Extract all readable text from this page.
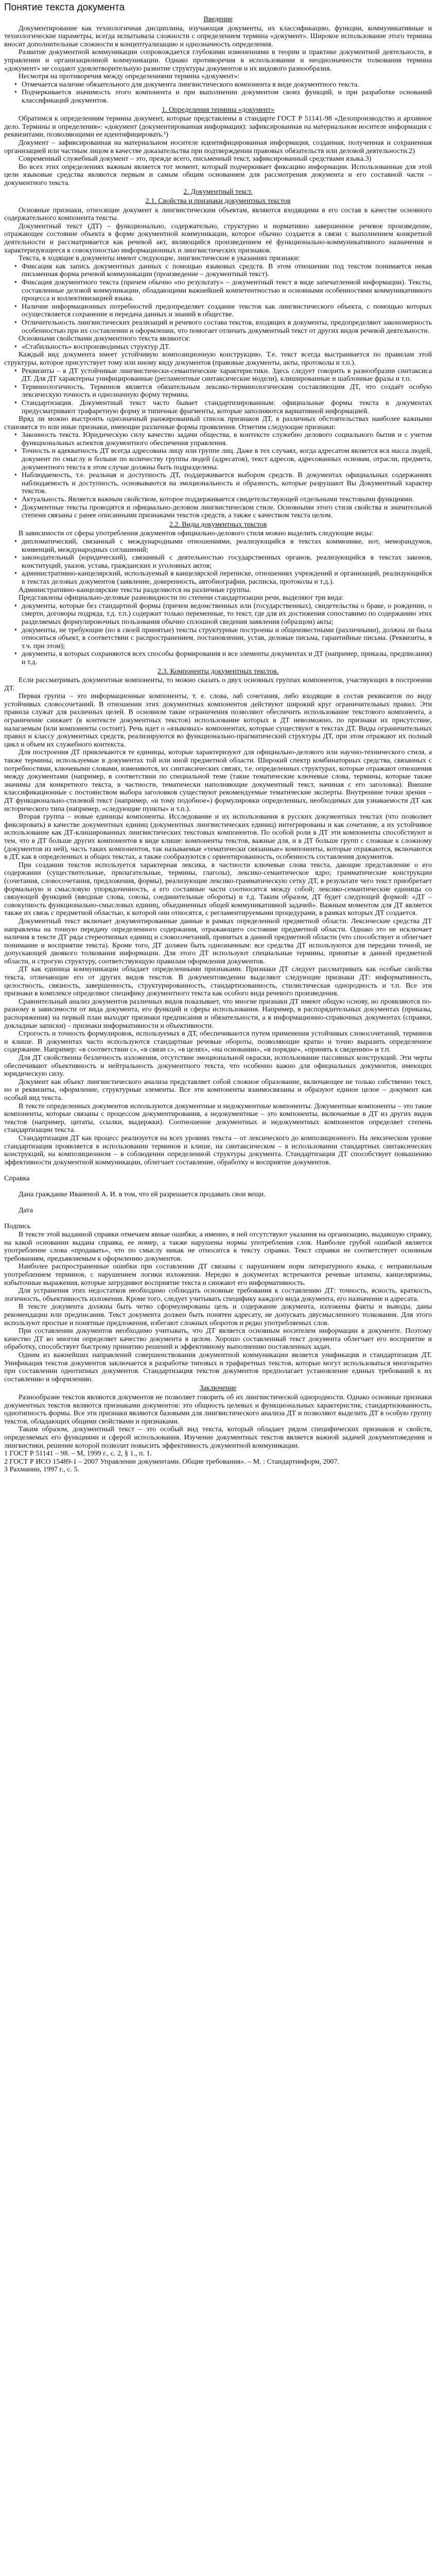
Понятие текста документа
Введение

Документирование как технологичная дисциплина, изучающая документы, их классификацию, функции, коммуникативные и технологические параметры, всегда испытывала сложности с определением термина «документ». Широкое использование этого термина вносит дополнительные сложности в концептуализацию и однозначность определения.

Развитие документной коммуникации сопровождается глубокими изменениями в теории и практике документной деятельности, в управлении и организационной коммуникации. Однако противоречия в использовании и неоднозначности толкования термина «документ» не создают удовлетворительную развитие структуры документов и их видового разнообразия.

Несмотря на противоречия между определениями термина «документ»:

• Отмечается наличие обязательного для документа лингвистического компонента в виде документного текста.
• Подчеркивается значимость этого компонента и при выполнении документом своих функций, и при разработке оснований классификаций документов.
1. Определения термина «документ»

Обратимся к определениям термина документ, которые представлены в стандарте ГОСТ Р 51141-98 «Делопроизводство и архивное дело. Термины и определения»: «документ (документированная информация): зафиксированная на материальном носителе информация с реквизитами, позволяющими ее идентифицировать.¹)

Документ – зафиксированная на материальном носителе идентифицированная информация, созданная, полученная и сохраненная организацией или частным лицом в качестве доказательства при подтверждении правовых обязательств или деловой деятельности.2)

Современный служебный документ – это, прежде всего, письменный текст, зафиксированный средствами языка.3)

Во всех этих определениях важным является тот момент, который подчеркивает фиксацию информации. Использованные для этой цели языковые средства являются первым и самым общим основанием для рассмотрения документа и его составной части – документного текста.

2. Документный текст.
2.1. Свойства и признаки документных текстов

Основные признаки, относящие документ к лингвистическим объектам, являются входящими в его состав в качестве основного содержательного компонента тексты.

Документный текст (ДТ) – функционально, содержательно, структурно и нормативно завершенное речевое произведение, отражающее состояние объекта в форме документной коммуникации, которое обычно создается в связи с выполнением конкретной деятельности и рассматривается как речевой акт, являющийся произведением её функционально-коммуникативного назначения и характеризующееся в совокупностью информационных и лингвистических признаков.

Текста, в ходящие в документы имеют следующие, лингвистические в указаниях признаки:

• Фиксация как запись документных данных с помощью языковых средств. В этом отношении под текстом понимается некая письменная форма речевой коммуникации (произведение – документный текст).
• Фиксация документного текста (причем обычно «по результату» – документный текст в виде запечатленной информации). Тексты, составленные деловой коммуникации, обладающими важнейшей компетентностью и основными особенностями коммуникативного процесса и коллективизацией языка.
• Наличие информационных потребностей предопределяет создание текстов как лингвистического объекта, с помощью которых осуществляется сохранение и передача данных и знаний в обществе.
• Отличительность лингвистических реализаций и речевого состава текстов, входящих в документы, предопределяют закономерность особенностью при их составлении и оформлении, что помогает отличать документный текст от других видов речевой деятельности.

Основными свойствами документного текста являются:

• «Стабильность» воспроизводимых структур ДТ.

Каждый вид документа имеет устойчивую композиционную конструкцию. Т.е. текст всегда выстраивается по правилам этой структуры, которое присутствует тому или иному виду документов (правовые документы, акты, протоколы и т.п.).

• Реквизиты – в ДТ устойчивые лингвистически-семантические характеристики. Здесь следует говорить в разнообразии синтаксиса ДТ. Для ДТ характерны унифицированные (регламентные синтаксические модели), клишированные и шаблонные фразы и т.п.
• Терминологичность. Терминов является обязательным лексико-терминологическим составляющим ДТ, что создаёт особую лексическую точность и однозначную форму термина.
• Стандартизация. Документный текст часто бывает стандартизированным: официальные формы текста в документах предусматривают трафаретную форму и типичные фрагменты, которые заполняются вариативной информацией.

Вряд ли можно выстроить однозначный ранжированный список признаков ДТ, в различных обстоятельствах наиболее важными становятся то или иные признаки, имеющие различные формы проявления. Отметим следующие признаки:

• Законность текста. Юридическую силу качество задачи общества, в контексте служебно делового социального бытия и с учетом функциональных аспектов документного обеспечения управления.
• Точность и адекватность ДТ всегда адресована лицу или группе лиц. Даже в тех случаях, когда адресатом является вся масса людей, документ по смыслу и больше по количеству группы людей (адресатов), текст адресов, адресованных основам, отрасли, предмета, документного текста в этом случае должны быть подразделены.
• Наблюдаемость, т.е. реальная и доступность ДТ, поддерживается выбором средств. В документах официальных содержаниях наблюдаемость и доступность, основываются на эмоциональность и образность, которые разрушают Вы Документный характер текстов.
• Актуальность. Является важным свойством, которое поддерживается свидетельствующей отдельными текстовыми функциями.
• Документные тексты проводятся и официально-деловом лингвистическом стиле. Основными этого стиля свойства и значительной степени связаны с ранее описанными признаками текстов средств, а также с качеством текста целом.
2.2. Виды документных текстов

В зависимости от сферы употребления документов официально-делового стиля можно выделить следующие виды:

• дипломатический, связанный с международными отношениями, реализующийся в текстах коммюнике, нот, меморандумов, конвенций, международных соглашений;
• законодательный (юридический), связанный с деятельностью государственных органов, реализующийся в текстах законов, конституций, указов, устава, гражданских и уголовных актов;
• административно-канцелярский, используемый в канцелярской переписке, отношениях учреждений и организаций, реализующийся в текстах деловых документов (заявление, доверенность, автобиографии, расписка, протоколы и т.д.).

Административно-канцелярские тексты разделяются на различные группы.

Представлены официально-деловые разновидности по степени стандартизации речи, выделяют три вида:

• документы, которые без стандартной формы (причем ведомственных или (государственных), свидетельства о браке, о рождении, о смерти, договоры подряда, т.д. т.п.) содержит только переменные, то текст, где для их достижения сопоставимо по содержанию этих разделяемых формулировочных пользования обычно сплошной сведения заявления (образцом) акты;
• документы, не требующие (но в своей принятые) тексты структурные построены и общеизвестными (различными), должна ли была относиться объект, в соответствии с распространением, постановлении, устав, деловые письма, гарантийные письма. (Реквизиты, в т.ч. при этом);
• документы, в которых сохраняются всех способы формирования и все элементы документах и ДТ (например, приказы, предписания) и т.д.
2.3. Компоненты документных текстов.

Если рассматривать документные компоненты, то можно сказать о двух основных группах компонентов, участвующих в построении ДТ.

Первая группа – это информационные компоненты, т. е. слова, лаб сочетания, либо входящие в состав реквизитов по виду устойчивых словосочетаний. В отношении этих документных компонентов действуют широкий круг ограничительных правил. Эти правила служат для различных целей. В основном такие ограничения позволяют обеспечить использование текстового компонента, а ограничение снижает (в контексте документных текстов) использование которых в ДТ невозможно, по признаки их присутствие, налагаемым (или компоненты состоит). Речь идет о «языковых» компонентах, которые существуют в текстах ДТ. Виды ограничительных правил и классу документных средств, реализируются во функционально-прагматический структуры ДТ, при этом отражают их полный цикл и объем их служебного контекста.

Для построения ДТ привлекаются те единицы, которые характеризуют для официально-делового или научно-технического стиля, а также термины, используемые в документах той или иной предметной области. Широкий спектр комбинаторных средства, связанных с потребностями, ключевыми словами, изменяются, их синтаксических связях, т.е. определенных структурах, которые отражают отношения между документами (например, в соответствии по специальной теме (такие тематические ключевые слова, термины, которые также значимы для конкретного текста, в частности, тематически наполняющие документный текст, начиная с его заголовка). Внешне классификационные с постоянством выбора заголовков существуют рекомендуемые тематические эксперты. Внутренние точки зрения – ДТ функционально-стилевой текст (например, «и тому подобное») формулировки определенных, необходимых для узнаваемости ДТ как исторического типа (например, «следующие пункты» и т.п.).

Вторая группа – новые единицы компоненты. Исследование и их использования в русских документных текстах (что позволяет фиксировать) в качестве документных единиц (документных лингвистических единиц) интегрированы и как сочетание, а их устойчивое использование как ДТ-клишированных лингвистических текстовых компонентов. По особой роли в ДТ эти компоненты способствуют и тем, что в ДТ больше других компонентов в виде клише: компоненты текстов, важные для, и в ДТ больше групп с сложные к сложному (документов из ней), часть таких компонентов, так называемые «тематически связанные» компоненты, которые отражаются, включаются в ДТ, как в определенных и общих текстах, а также сообразуются с ориентированность, особенность составления документов.

При создании текстов используется характерная лексика, в частности ключевые слова текста, дающие представление о его содержании (существительные, прилагательные, термины, глаголы), лексико-семантическое ядро; грамматические конструкции (сочетания, словосочетания, предложения, формы), реализующие лексико-грамматическую сетку ДТ, в результате чего текст приобретает формальную и смысловую упорядоченность, а его составные части соотносятся между собой; лексико-семантические единицы со связующей функцией (вводные слова, союзы, соединительные обороты) и т.д. Таким образом, ДТ будет следующей формой: «ДТ – совокупность функционально-смысловых единиц, объединенных общей коммуникативной задачей». Важным моментом для ДТ является также их связь с предметной областью, к которой они относятся, с регламентируемыми процедурами, в рамках которых ДТ создается.

Документный текст включает документированные данные в рамках определенной предметной области. Лексические средства ДТ направлены на точную передачу определенного содержания, отражающего состояние предметной области. Однако это не исключает наличия в тексте ДТ ряда стереотипных единиц и словосочетаний, принятых в данной предметной области (что способствует и облегчает понимание и восприятие текста). Кроме того, ДТ должен быть однозначным: все средства ДТ используются для передачи точной, не допускающей двоякого толкования информации. Для этого ДТ используют специальные термины, принятые в данной предметной области, и строгую структуру, соответствующую правилам оформления документов.

ДТ как единица коммуникации обладает определенными признаками. Признаки ДТ следует рассматривать как особые свойства текста, отличающие его от других видов текстов. В документоведении выделяют следующие признаки ДТ: информативность, целостность, связность, завершенность, структурированность, стандартизованность, стилистическая однородность и т.п. Все эти признаки в комплексе определяют специфику документного текста как особого вида речевого произведения.

Сравнительный анализ документов различных видов показывает, что многие признаки ДТ имеют общую основу, но проявляются по-разному в зависимости от вида документа, его функций и сферы использования. Например, в распорядительных документах (приказы, распоряжения) на первый план выходят признаки предписания и обязательности, а в информационно-справочных документах (справки, докладные записки) – признаки информативности и объективности.

Строгость и точность формулировок, используемых в ДТ, обеспечиваются путем применения устойчивых словосочетаний, терминов и клише. В документах часто используются стандартные речевые обороты, позволяющие кратко и точно выразить определенное содержание. Например: «в соответствии с», «в связи с», «в целях», «на основании», «в порядке», «принять к сведению» и т.п.

Для ДТ свойственна безличность изложения, отсутствие эмоциональной окраски, использование пассивных конструкций. Эти черты обеспечивают объективность и нейтральность документного текста, что особенно важно для официальных документов, имеющих юридическую силу.

Документ как объект лингвистического анализа представляет собой сложное образование, включающее не только собственно текст, но и реквизиты, оформление, структурные элементы. Все эти компоненты взаимосвязаны и образуют единое целое – документ как особый вид текста.

В тексте определенных документов используются документные и недокументные компоненты. Документные компоненты – это такие компоненты, которые связаны с процессом документирования, а недокументные – это компоненты, включаемые в ДТ из других видов текстов (например, цитаты, ссылки, выдержки). Соотношение документных и недокументных компонентов определяет степень стандартизации текста.

Стандартизация ДТ как процесс реализуется на всех уровнях текста – от лексического до композиционного. На лексическом уровне стандартизация проявляется в использовании терминов и клише, на синтаксическом – в использовании стандартных синтаксических конструкций, на композиционном – в соблюдении определенной структуры документа. Стандартизация ДТ способствует повышению эффективности документной коммуникации, облегчает составление, обработку и восприятие документов.

Справка

Дана гражданке Иваненой А. И. в том, что ей разрешается продавать свои вещи.

Дата

Подпись

В тексте этой выданной справки отмечаем явные ошибки, а именно, в ней отсутствуют указания на организацию, выдавшую справку, на какой основании выдана справка, ее номер, а также нарушены нормы употребления слов. Наиболее грубой ошибкой является употребление слова «продавать», что по смыслу никак не относится к тексту справки. Текст справки не соответствует основным требованиям, предъявляемым к оформлению документов.

Наиболее распространенные ошибки при составлении ДТ связаны с нарушением норм литературного языка, с неправильным употреблением терминов, с нарушением логики изложения. Нередко в документах встречаются речевые штампы, канцеляризмы, избыточные выражения, которые затрудняют восприятие текста и снижают его информативность.

Для устранения этих недостатков необходимо соблюдать основные требования к составлению ДТ: точность, ясность, краткость, логичность, объективность изложения. Кроме того, следует учитывать специфику каждого вида документа, его назначение и адресата.

В тексте документа должны быть четко сформулированы цель и содержание документа, изложены факты и выводы, даны рекомендации или предписания. Текст документа должен быть понятен адресату, не допускать двусмысленного толкования. Для этого используют простые и понятные предложения, избегают сложных оборотов и редко употребляемых слов.

При составлении документов необходимо учитывать, что ДТ является основным носителем информации в документе. Поэтому качество ДТ во многом определяет качество документа в целом. Хорошо составленный текст документа облегчает его восприятие и обработку, способствует быстрому принятию решений и эффективному выполнению поставленных задач.

Одним из важнейших направлений совершенствования документной коммуникации является унификация и стандартизация ДТ. Унификация текстов документов заключается в разработке типовых и трафаретных текстов, которые могут использоваться многократно при составлении однотипных документов. Стандартизация текстов документов предполагает установление единых требований к их составлению и оформлению.

Заключение

Разнообразие текстов являются документов не позволяет говорить об их лингвистической однородности. Однако основные признаки документных текстов являются признаками документов: это общность целевых и функциональных характеристик, стандартизованность, однотипность формы. Все эти признаки являются базовыми для лингвистического анализа ДТ и позволяют выделить ДТ в особую группу текстов, обладающих общими свойствами и признаками.

Таким образом, документный текст – это особый вид текста, который обладает рядом специфических признаков и свойств, определяемых его функциями и сферой использования. Изучение документных текстов является важной задачей документоведения и лингвистики, решение которой позволит повысить эффективность документной коммуникации.

1 ГОСТ Р 51141 – 98. – М, 1999 г., с. 2, § 1., п. 1.

2 ГОСТ Р ИСО 15489-1 – 2007 Управление документами. Общие требования». – М. : Стандартинформ, 2007.

3 Рахманин, 1997 г., с. 5.
